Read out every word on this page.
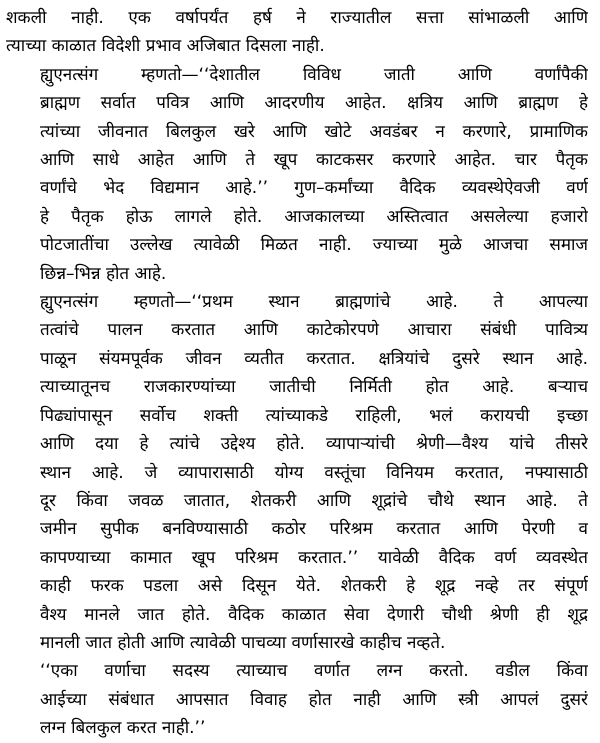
शकली नाही. एक वर्षापर्यंत हर्ष ने राज्यातील सत्ता सांभाळली आणि
त्याच्या काळात विदेशी प्रभाव अजिबात दिसला नाही.
ह्युएनत्संग म्हणतो—‘‘देशातील विविध जाती आणि वर्णांपैकी
ब्राह्मण सर्वात पवित्र आणि आदरणीय आहेत. क्षत्रिय आणि ब्राह्मण हे
त्यांच्या जीवनात बिलकुल खरे आणि खोटे अवडंबर न करणारे, प्रामाणिक
आणि साधे आहेत आणि ते खूप काटकसर करणारे आहेत. चार पैतृक
वर्णांचे भेद विद्यमान आहे.’’ गुण–कर्मांच्या वैदिक व्यवस्थेऐवजी वर्ण
हे पैतृक होऊ लागले होते. आजकालच्या अस्तित्वात असलेल्या हजारो
पोटजातींचा उल्लेख त्यावेळी मिळत नाही. ज्याच्या मुळे आजचा समाज
छिन्न–भिन्न होत आहे.
ह्युएनत्संग म्हणतो—‘‘प्रथम स्थान ब्राह्मणांचे आहे. ते आपल्या
तत्वांचे पालन करतात आणि काटेकोरपणे आचारा संबंधी पावित्र्य
पाळून संयमपूर्वक जीवन व्यतीत करतात. क्षत्रियांचे दुसरे स्थान आहे.
त्याच्यातूनच राजकारण्यांच्या जातीची निर्मिती होत आहे. बऱ्याच
पिढ्यांपासून सर्वोच शक्ती त्यांच्याकडे राहिली, भलं करायची इच्छा
आणि दया हे त्यांचे उद्देश्य होते. व्यापाऱ्यांची श्रेणी—वैश्य यांचे तीसरे
स्थान आहे. जे व्यापारासाठी योग्य वस्तूंचा विनियम करतात, नफ्यासाठी
दूर किंवा जवळ जातात, शेतकरी आणि शूद्रांचे चौथे स्थान आहे. ते
जमीन सुपीक बनविण्यासाठी कठोर परिश्रम करतात आणि पेरणी व
कापण्याच्या कामात खूप परिश्रम करतात.’’ यावेळी वैदिक वर्ण व्यवस्थेत
काही फरक पडला असे दिसून येते. शेतकरी हे शूद्र नव्हे तर संपूर्ण
वैश्य मानले जात होते. वैदिक काळात सेवा देणारी चौथी श्रेणी ही शूद्र
मानली जात होती आणि त्यावेळी पाचव्या वर्णासारखे काहीच नव्हते.
‘‘एका वर्णाचा सदस्य त्याच्याच वर्णात लग्न करतो. वडील किंवा
आईच्या संबंधात आपसात विवाह होत नाही आणि स्त्री आपलं दुसरं
लग्न बिलकुल करत नाही.’’
